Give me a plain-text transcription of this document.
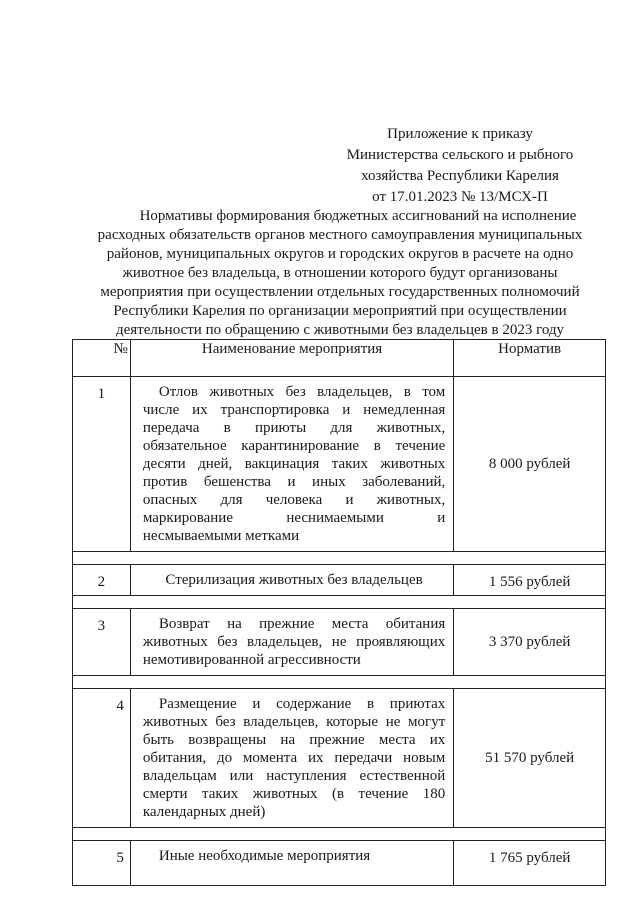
Приложение к приказу
Министерства сельского и рыбного
хозяйства Республики Карелия
от 17.01.2023 № 13/МСХ-П
Нормативы формирования бюджетных ассигнований на исполнение
расходных обязательств органов местного самоуправления муниципальных
районов, муниципальных округов и городских округов в расчете на одно
животное без владельца, в отношении которого будут организованы
мероприятия при осуществлении отдельных государственных полномочий
Республики Карелия по организации мероприятий при осуществлении
деятельности по обращению с животными без владельцев в 2023 году
№	Наименование мероприятия	Норматив
1	Отлов животных без владельцев, в том числе их транспортировка и немедленная передача в приюты для животных, обязательное карантинирование в течение десяти дней, вакцинация таких животных против бешенства и иных заболеваний, опасных для человека и животных, маркирование неснимаемыми и несмываемыми метками	8 000 рублей

2	Стерилизация животных без владельцев	1 556 рублей

3	Возврат на прежние места обитания животных без владельцев, не проявляющих немотивированной агрессивности	3 370 рублей

4	Размещение и содержание в приютах животных без владельцев, которые не могут быть возвращены на прежние места их обитания, до момента их передачи новым владельцам или наступления естественной смерти таких животных (в течение 180 календарных дней)	51 570 рублей

5	Иные необходимые мероприятия	1 765 рублей
